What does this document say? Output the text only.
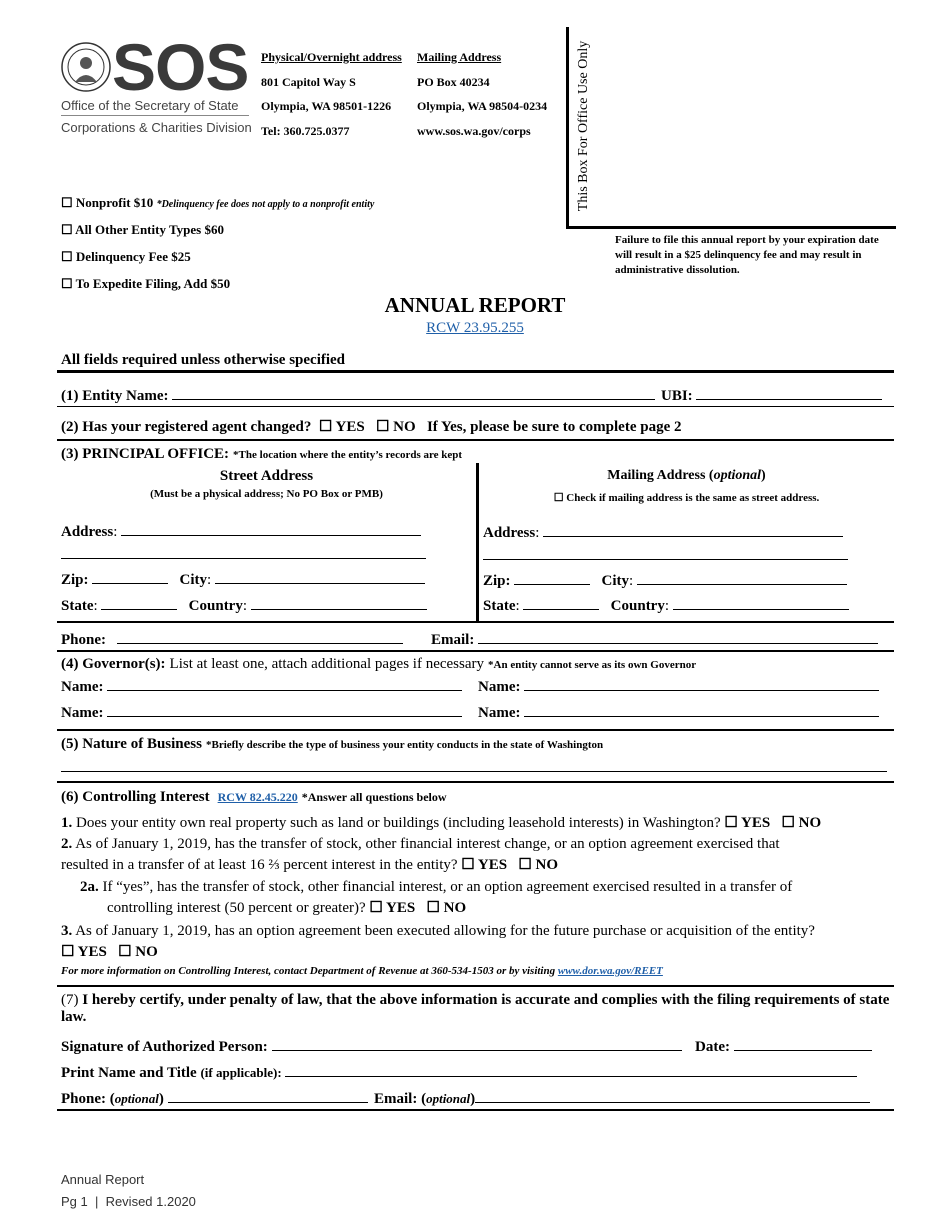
SOS
Office of the Secretary of State
Corporations & Charities Division
Physical/Overnight address
801 Capitol Way S
Olympia, WA 98501-1226
Tel: 360.725.0377
Mailing Address
PO Box 40234
Olympia, WA 98504-0234
www.sos.wa.gov/corps	This Box For Office Use Only
☐ Nonprofit $10 *Delinquency fee does not apply to a nonprofit entity
☐ All Other Entity Types $60
☐ Delinquency Fee $25
☐ To Expedite Filing, Add $50
Failure to file this annual report by your expiration date will result in a $25 delinquency fee and may result in administrative dissolution.
ANNUAL REPORT
RCW 23.95.255
All fields required unless otherwise specified
(1) Entity Name:	UBI:
(2) Has your registered agent changed? ☐ YES ☐ NO If Yes, please be sure to complete page 2
(3) PRINCIPAL OFFICE: *The location where the entity’s records are kept
Street Address
(Must be a physical address; No PO Box or PMB)
Mailing Address (optional)
☐ Check if mailing address is the same as street address.
Address:
Zip:	City:
State:	Country:
Address:
Zip:	City:
State:	Country:
Phone:	Email:
(4) Governor(s): List at least one, attach additional pages if necessary *An entity cannot serve as its own Governor
Name:	Name:
Name:	Name:
(5) Nature of Business *Briefly describe the type of business your entity conducts in the state of Washington
(6) Controlling Interest RCW 82.45.220 *Answer all questions below
1. Does your entity own real property such as land or buildings (including leasehold interests) in Washington? ☐ YES ☐ NO
2. As of January 1, 2019, has the transfer of stock, other financial interest change, or an option agreement exercised that
resulted in a transfer of at least 16 ⅔ percent interest in the entity? ☐ YES ☐ NO
2a. If “yes”, has the transfer of stock, other financial interest, or an option agreement exercised resulted in a transfer of
controlling interest (50 percent or greater)? ☐ YES ☐ NO
3. As of January 1, 2019, has an option agreement been executed allowing for the future purchase or acquisition of the entity?
☐ YES ☐ NO
For more information on Controlling Interest, contact Department of Revenue at 360-534-1503 or by visiting www.dor.wa.gov/REET
(7) I hereby certify, under penalty of law, that the above information is accurate and complies with the filing requirements of state law.
Signature of Authorized Person:	Date:
Print Name and Title (if applicable):
Phone: (optional)	Email: (optional)
Annual Report
Pg 1  |  Revised 1.2020
